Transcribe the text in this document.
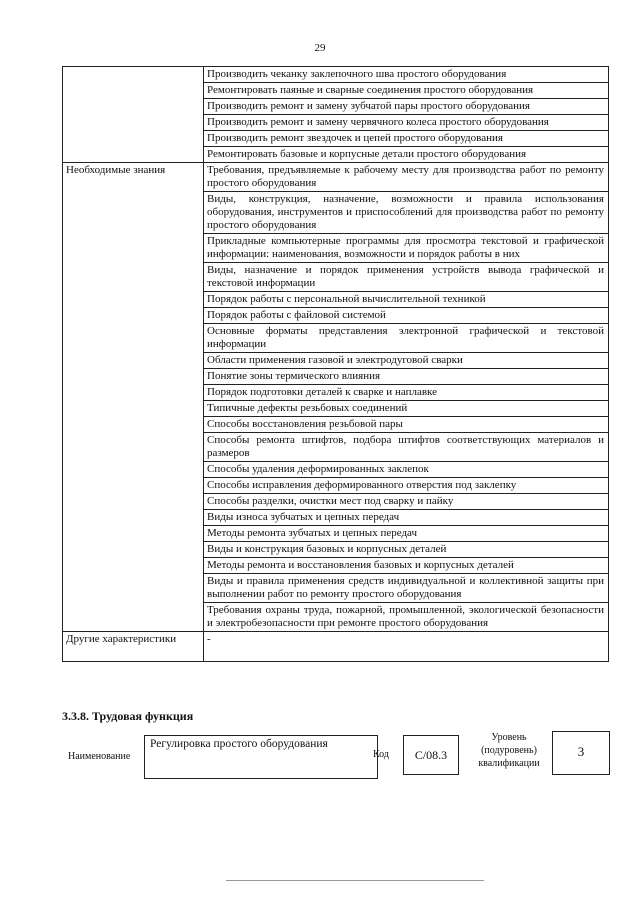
29
	Производить чеканку заклепочного шва простого оборудования
	Ремонтировать паяные и сварные соединения простого оборудования
	Производить ремонт и замену зубчатой пары простого оборудования
	Производить ремонт и замену червячного колеса простого оборудования
	Производить ремонт звездочек и цепей простого оборудования
	Ремонтировать базовые и корпусные детали простого оборудования
Необходимые знания	Требования, предъявляемые к рабочему месту для производства работ по ремонту простого оборудования
	Виды, конструкция, назначение, возможности и правила использования оборудования, инструментов и приспособлений для производства работ по ремонту простого оборудования
	Прикладные компьютерные программы для просмотра текстовой и графической информации: наименования, возможности и порядок работы в них
	Виды, назначение и порядок применения устройств вывода графической и текстовой информации
	Порядок работы с персональной вычислительной техникой
	Порядок работы с файловой системой
	Основные форматы представления электронной графической и текстовой информации
	Области применения газовой и электродуговой сварки
	Понятие зоны термического влияния
	Порядок подготовки деталей к сварке и наплавке
	Типичные дефекты резьбовых соединений
	Способы восстановления резьбовой пары
	Способы ремонта штифтов, подбора штифтов соответствующих материалов и размеров
	Способы удаления деформированных заклепок
	Способы исправления деформированного отверстия под заклепку
	Способы разделки, очистки мест под сварку и пайку
	Виды износа зубчатых и цепных передач
	Методы ремонта зубчатых и цепных передач
	Виды и конструкция базовых и корпусных деталей
	Методы ремонта и восстановления базовых и корпусных деталей
	Виды и правила применения средств индивидуальной и коллективной защиты при выполнении работ по ремонту простого оборудования
	Требования охраны труда, пожарной, промышленной, экологической безопасности и электробезопасности при ремонте простого оборудования
Другие характеристики	-
3.3.8. Трудовая функция
Наименование
Регулировка простого оборудования
Код	C/08.3
Уровень (подуровень) квалификации
3
